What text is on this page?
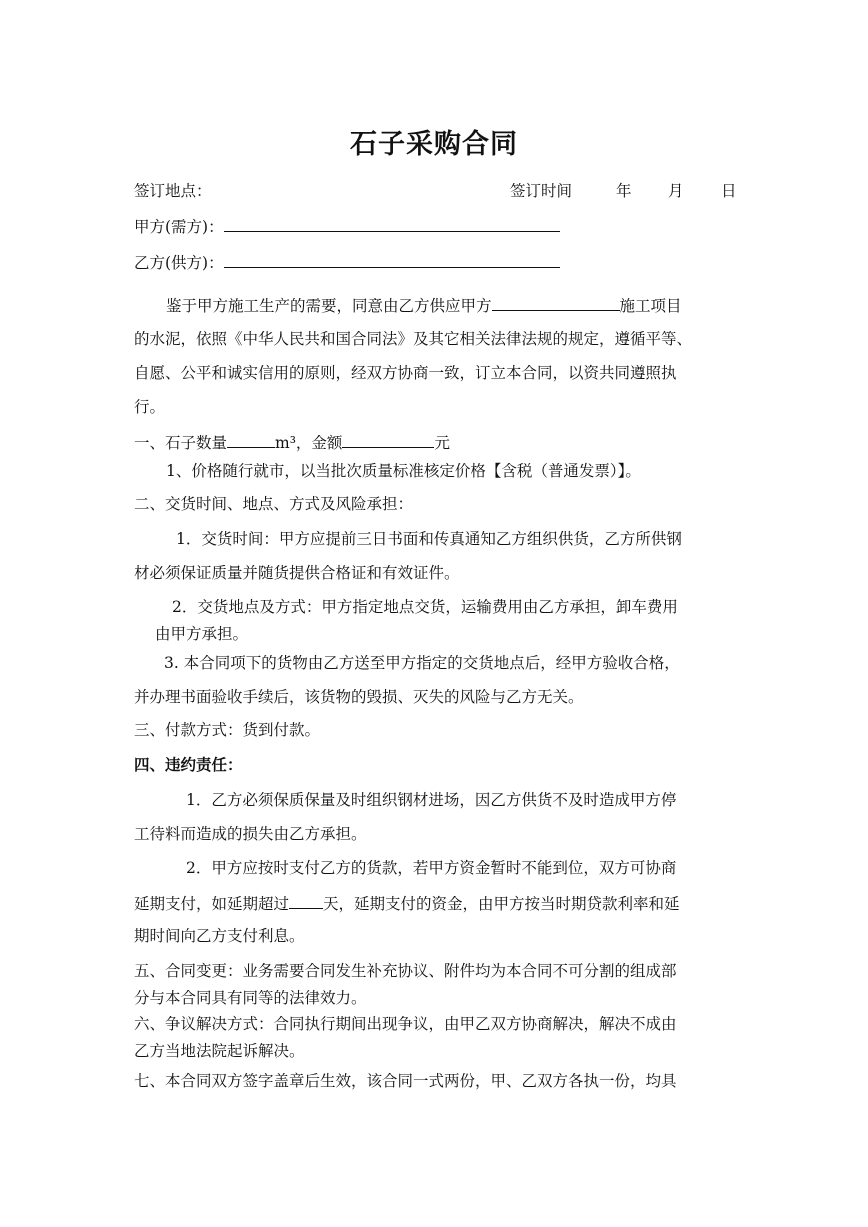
石子采购合同
签订地点：	签订时间	年 月 日
甲方(需方)：
乙方(供方)：
鉴于甲方施工生产的需要，同意由乙方供应甲方	施工项目
的水泥，依照《中华人民共和国合同法》及其它相关法律法规的规定，遵循平等、
自愿、公平和诚实信用的原则，经双方协商一致，订立本合同，以资共同遵照执
行。
一、石子数量	m³，金额	元
1、价格随行就市，以当批次质量标准核定价格【含税（普通发票）】。
二、交货时间、地点、方式及风险承担：
1．交货时间：甲方应提前三日书面和传真通知乙方组织供货，乙方所供钢
材必须保证质量并随货提供合格证和有效证件。
2．交货地点及方式：甲方指定地点交货，运输费用由乙方承担，卸车费用
由甲方承担。
3. 本合同项下的货物由乙方送至甲方指定的交货地点后，经甲方验收合格，
并办理书面验收手续后，该货物的毁损、灭失的风险与乙方无关。
三、付款方式：货到付款。
四、违约责任：
1．乙方必须保质保量及时组织钢材进场，因乙方供货不及时造成甲方停
工待料而造成的损失由乙方承担。
2．甲方应按时支付乙方的货款，若甲方资金暂时不能到位，双方可协商
延期支付，如延期超过 天，延期支付的资金，由甲方按当时期贷款利率和延
期时间向乙方支付利息。
五、合同变更：业务需要合同发生补充协议、附件均为本合同不可分割的组成部
分与本合同具有同等的法律效力。
六、争议解决方式：合同执行期间出现争议，由甲乙双方协商解决，解决不成由
乙方当地法院起诉解决。
七、本合同双方签字盖章后生效，该合同一式两份，甲、乙双方各执一份，均具
